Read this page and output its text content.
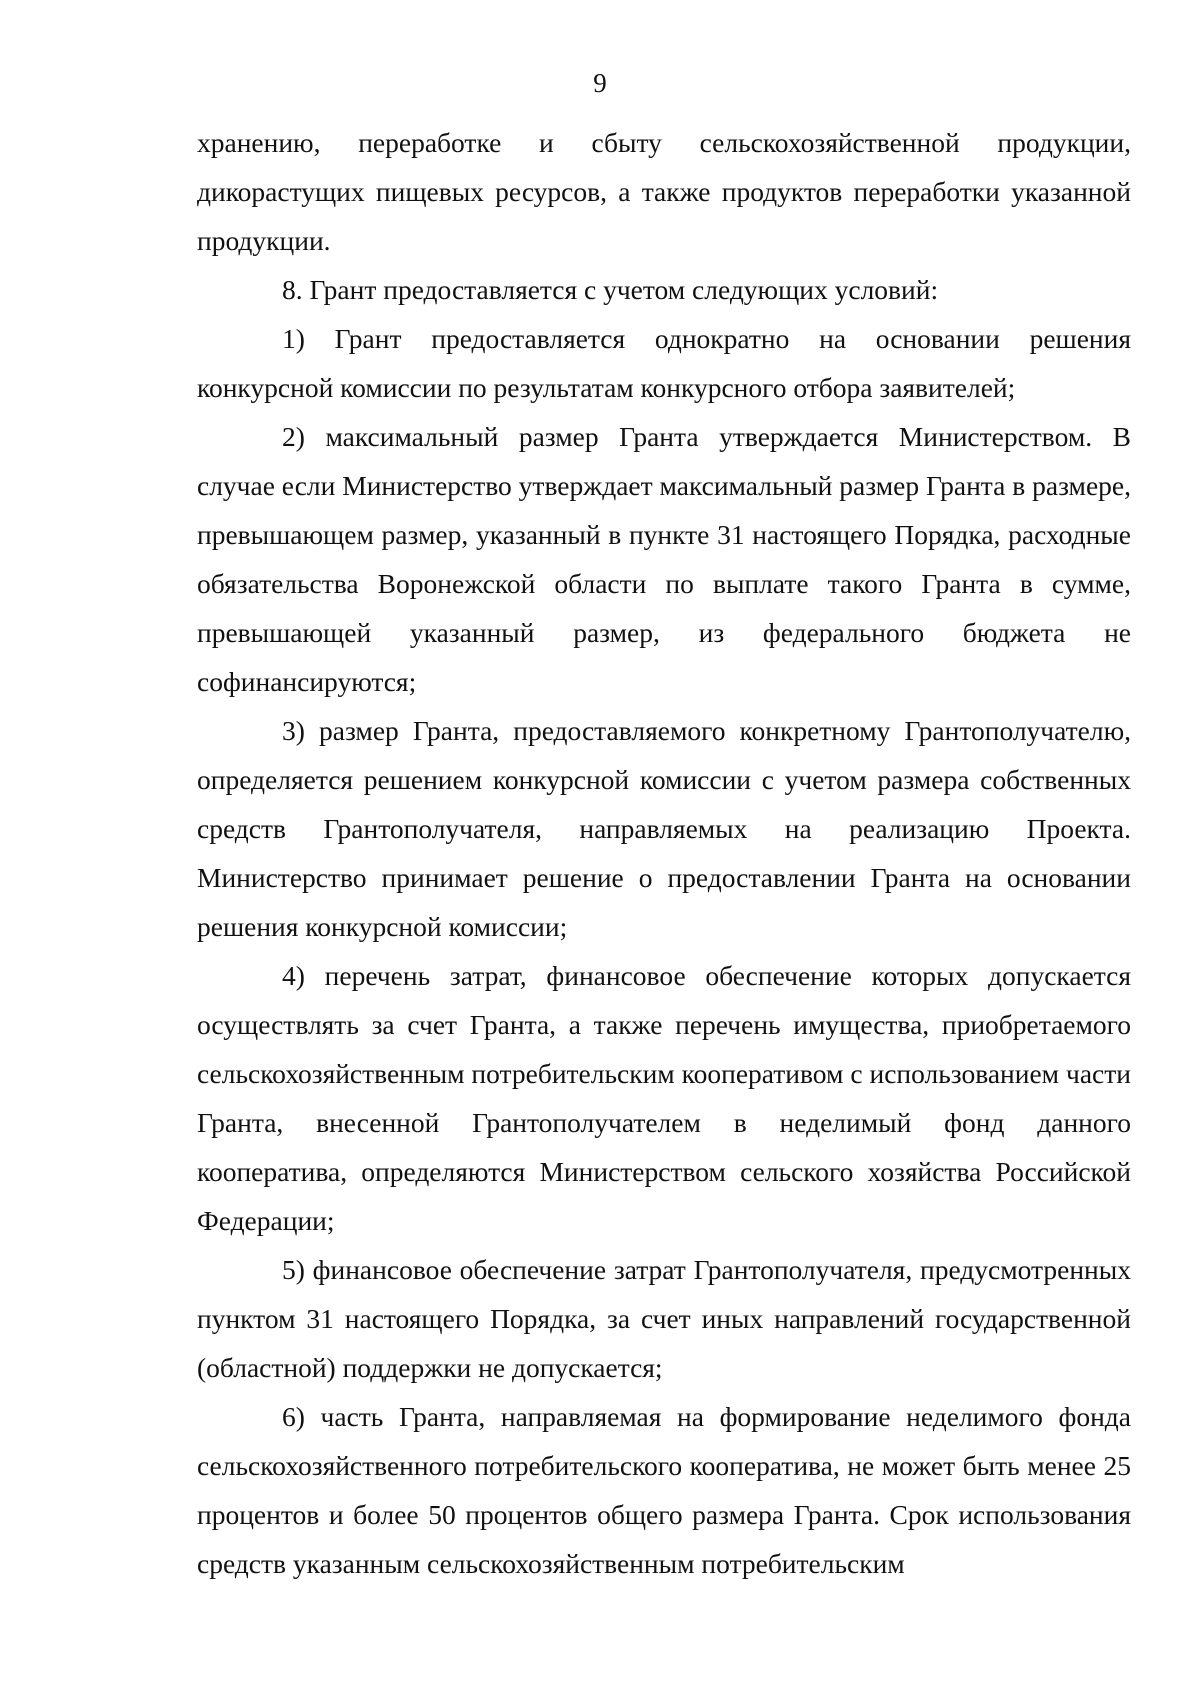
9

хранению, переработке и сбыту сельскохозяйственной продукции, дикорастущих пищевых ресурсов, а также продуктов переработки указанной продукции.

8. Грант предоставляется с учетом следующих условий:

1) Грант предоставляется однократно на основании решения конкурсной комиссии по результатам конкурсного отбора заявителей;

2) максимальный размер Гранта утверждается Министерством. В случае если Министерство утверждает максимальный размер Гранта в размере, превышающем размер, указанный в пункте 31 настоящего Порядка, расходные обязательства Воронежской области по выплате такого Гранта в сумме, превышающей указанный размер, из федерального бюджета не софинансируются;

3) размер Гранта, предоставляемого конкретному Грантополучателю, определяется решением конкурсной комиссии с учетом размера собственных средств Грантополучателя, направляемых на реализацию Проекта. Министерство принимает решение о предоставлении Гранта на основании решения конкурсной комиссии;

4) перечень затрат, финансовое обеспечение которых допускается осуществлять за счет Гранта, а также перечень имущества, приобретаемого сельскохозяйственным потребительским кооперативом с использованием части Гранта, внесенной Грантополучателем в неделимый фонд данного кооператива, определяются Министерством сельского хозяйства Российской Федерации;

5) финансовое обеспечение затрат Грантополучателя, предусмотренных пунктом 31 настоящего Порядка, за счет иных направлений государственной (областной) поддержки не допускается;

6) часть Гранта, направляемая на формирование неделимого фонда сельскохозяйственного потребительского кооператива, не может быть менее 25 процентов и более 50 процентов общего размера Гранта. Срок использования средств указанным сельскохозяйственным потребительским
